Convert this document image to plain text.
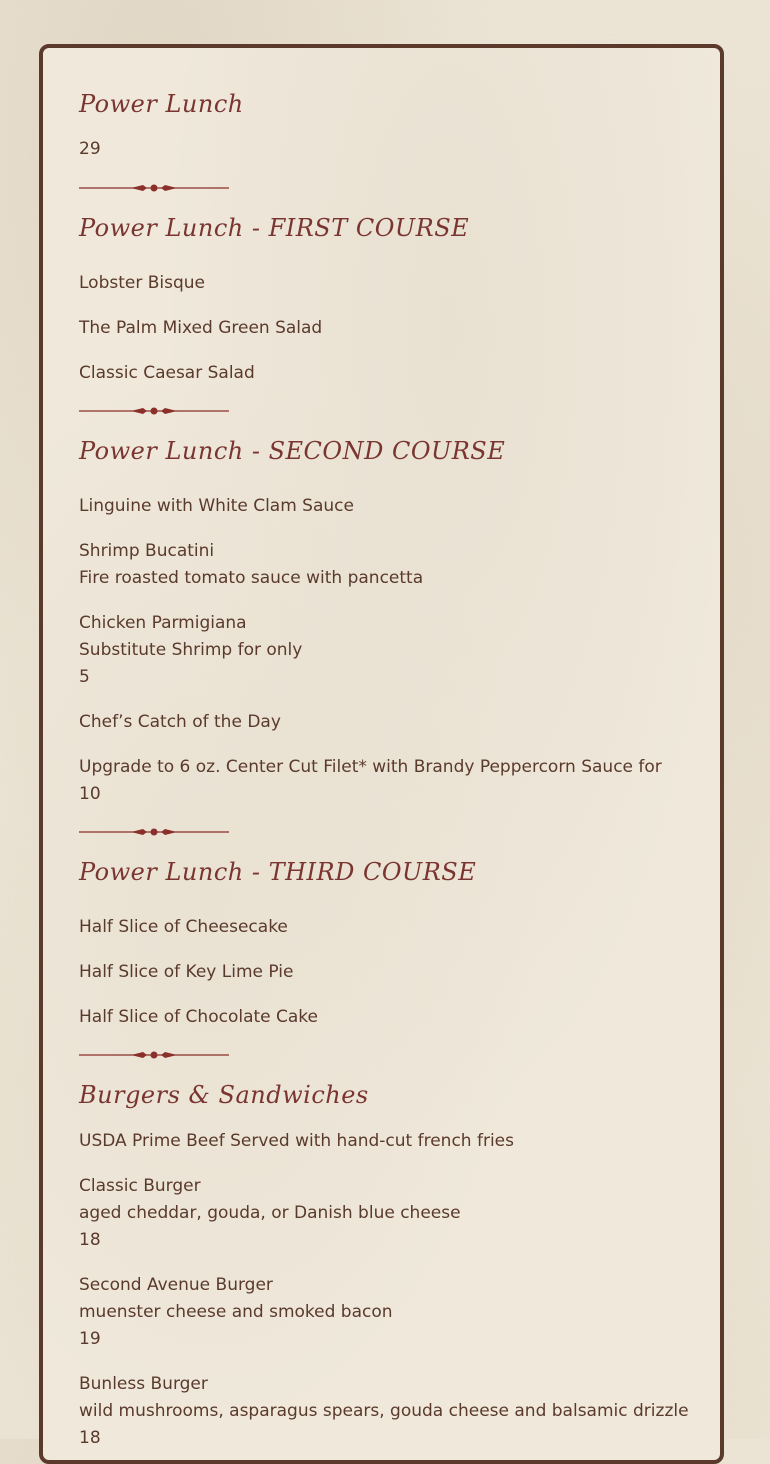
Power Lunch
29
Power Lunch - FIRST COURSE
Lobster Bisque
The Palm Mixed Green Salad
Classic Caesar Salad
Power Lunch - SECOND COURSE
Linguine with White Clam Sauce
Shrimp Bucatini
Fire roasted tomato sauce with pancetta
Chicken Parmigiana
Substitute Shrimp for only
5
Chef’s Catch of the Day
Upgrade to 6 oz. Center Cut Filet* with Brandy Peppercorn Sauce for
10
Power Lunch - THIRD COURSE
Half Slice of Cheesecake
Half Slice of Key Lime Pie
Half Slice of Chocolate Cake
Burgers & Sandwiches
USDA Prime Beef Served with hand-cut french fries
Classic Burger
aged cheddar, gouda, or Danish blue cheese
18
Second Avenue Burger
muenster cheese and smoked bacon
19
Bunless Burger
wild mushrooms, asparagus spears, gouda cheese and balsamic drizzle
18
